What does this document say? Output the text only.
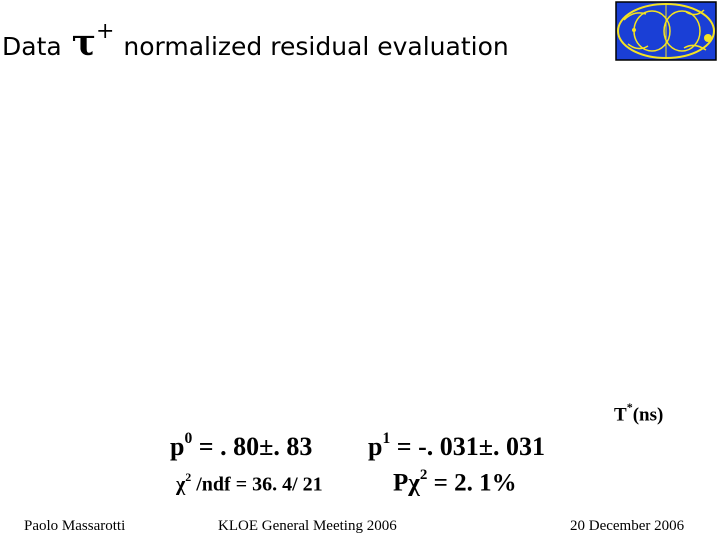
Data τ+normalized residual evaluation
T*(ns)
$p^0$ = . 80±. 83 $p^1$ = -. 031±. 031
$\chi^2$ /ndf = 36. 4/ 21	$P\chi^2 = 2$. 1%
Paolo Massarotti	KLOE General Meeting 2006	20 December 2006
